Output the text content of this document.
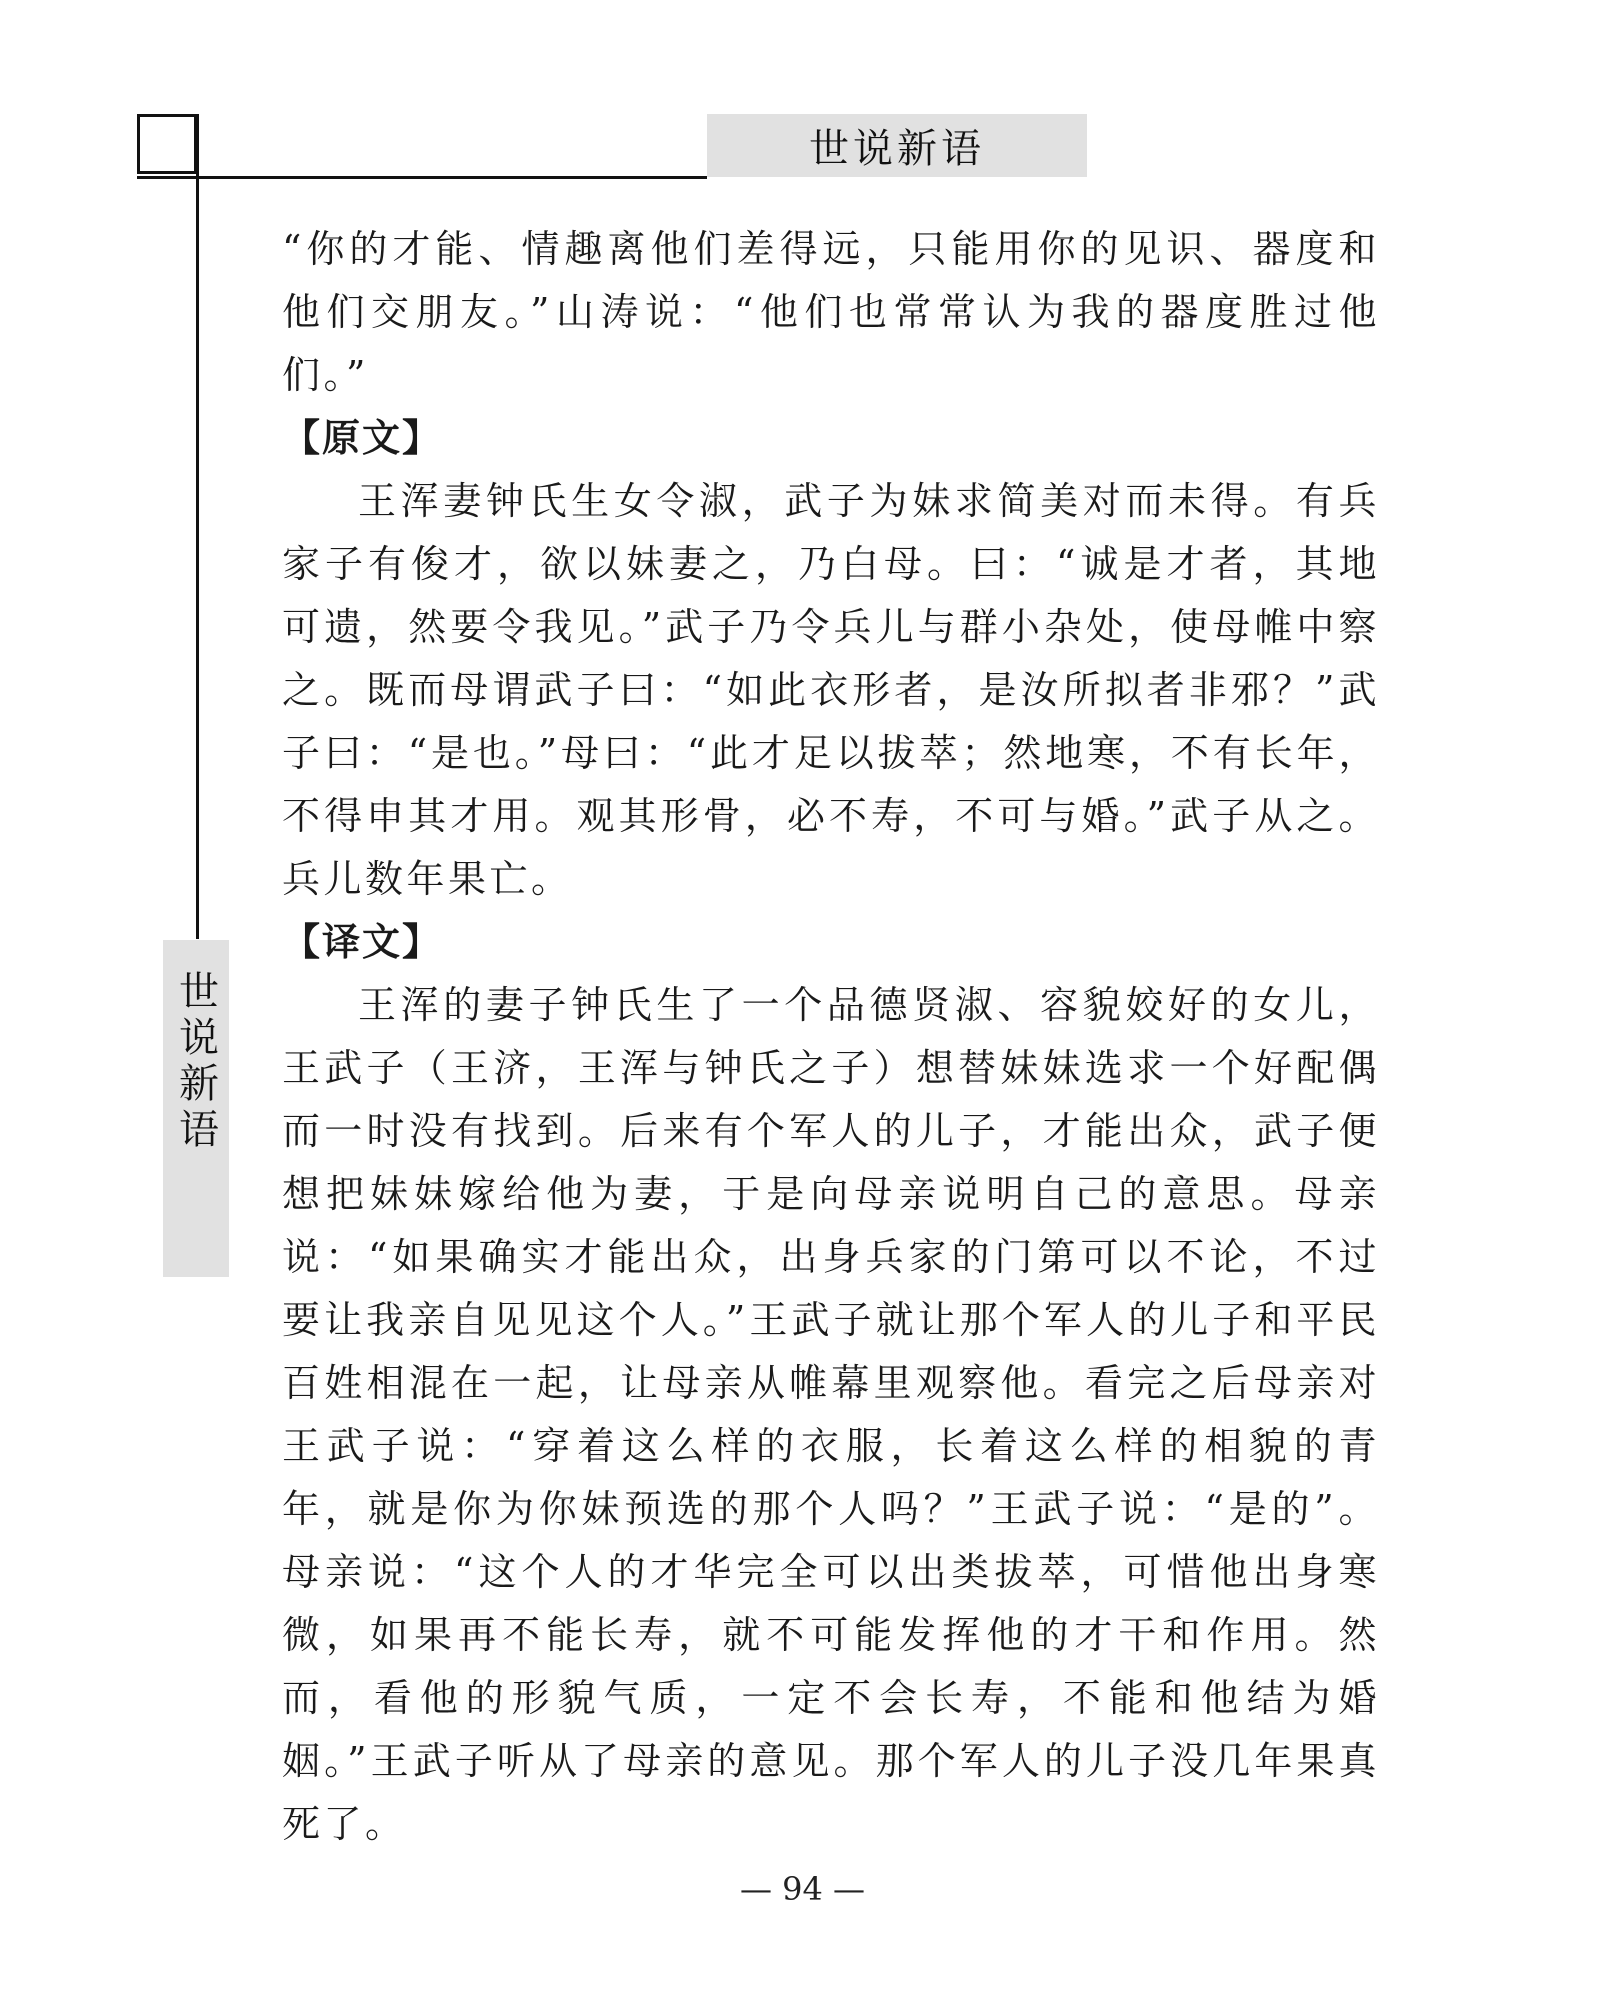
世说新语
世说新语

“你的才能、情趣离他们差得远，只能用你的见识、器度和他们交朋友。”山涛说：“他们也常常认为我的器度胜过他们。”

【原文】

王浑妻钟氏生女令淑，武子为妹求简美对而未得。有兵家子有俊才，欲以妹妻之，乃白母。曰：“诚是才者，其地可遗，然要令我见。”武子乃令兵儿与群小杂处，使母帷中察之。既而母谓武子曰：“如此衣形者，是汝所拟者非邪？”武子曰：“是也。”母曰：“此才足以拔萃；然地寒，不有长年，不得申其才用。观其形骨，必不寿，不可与婚。”武子从之。兵儿数年果亡。

【译文】

王浑的妻子钟氏生了一个品德贤淑、容貌姣好的女儿，王武子（王济，王浑与钟氏之子）想替妹妹选求一个好配偶而一时没有找到。后来有个军人的儿子，才能出众，武子便想把妹妹嫁给他为妻，于是向母亲说明自己的意思。母亲说：“如果确实才能出众，出身兵家的门第可以不论，不过要让我亲自见见这个人。”王武子就让那个军人的儿子和平民百姓相混在一起，让母亲从帷幕里观察他。看完之后母亲对王武子说：“穿着这么样的衣服，长着这么样的相貌的青年，就是你为你妹预选的那个人吗？”王武子说：“是的”。母亲说：“这个人的才华完全可以出类拔萃，可惜他出身寒微，如果再不能长寿，就不可能发挥他的才干和作用。然而，看他的形貌气质，一定不会长寿，不能和他结为婚姻。”王武子听从了母亲的意见。那个军人的儿子没几年果真死了。

— 94 —
